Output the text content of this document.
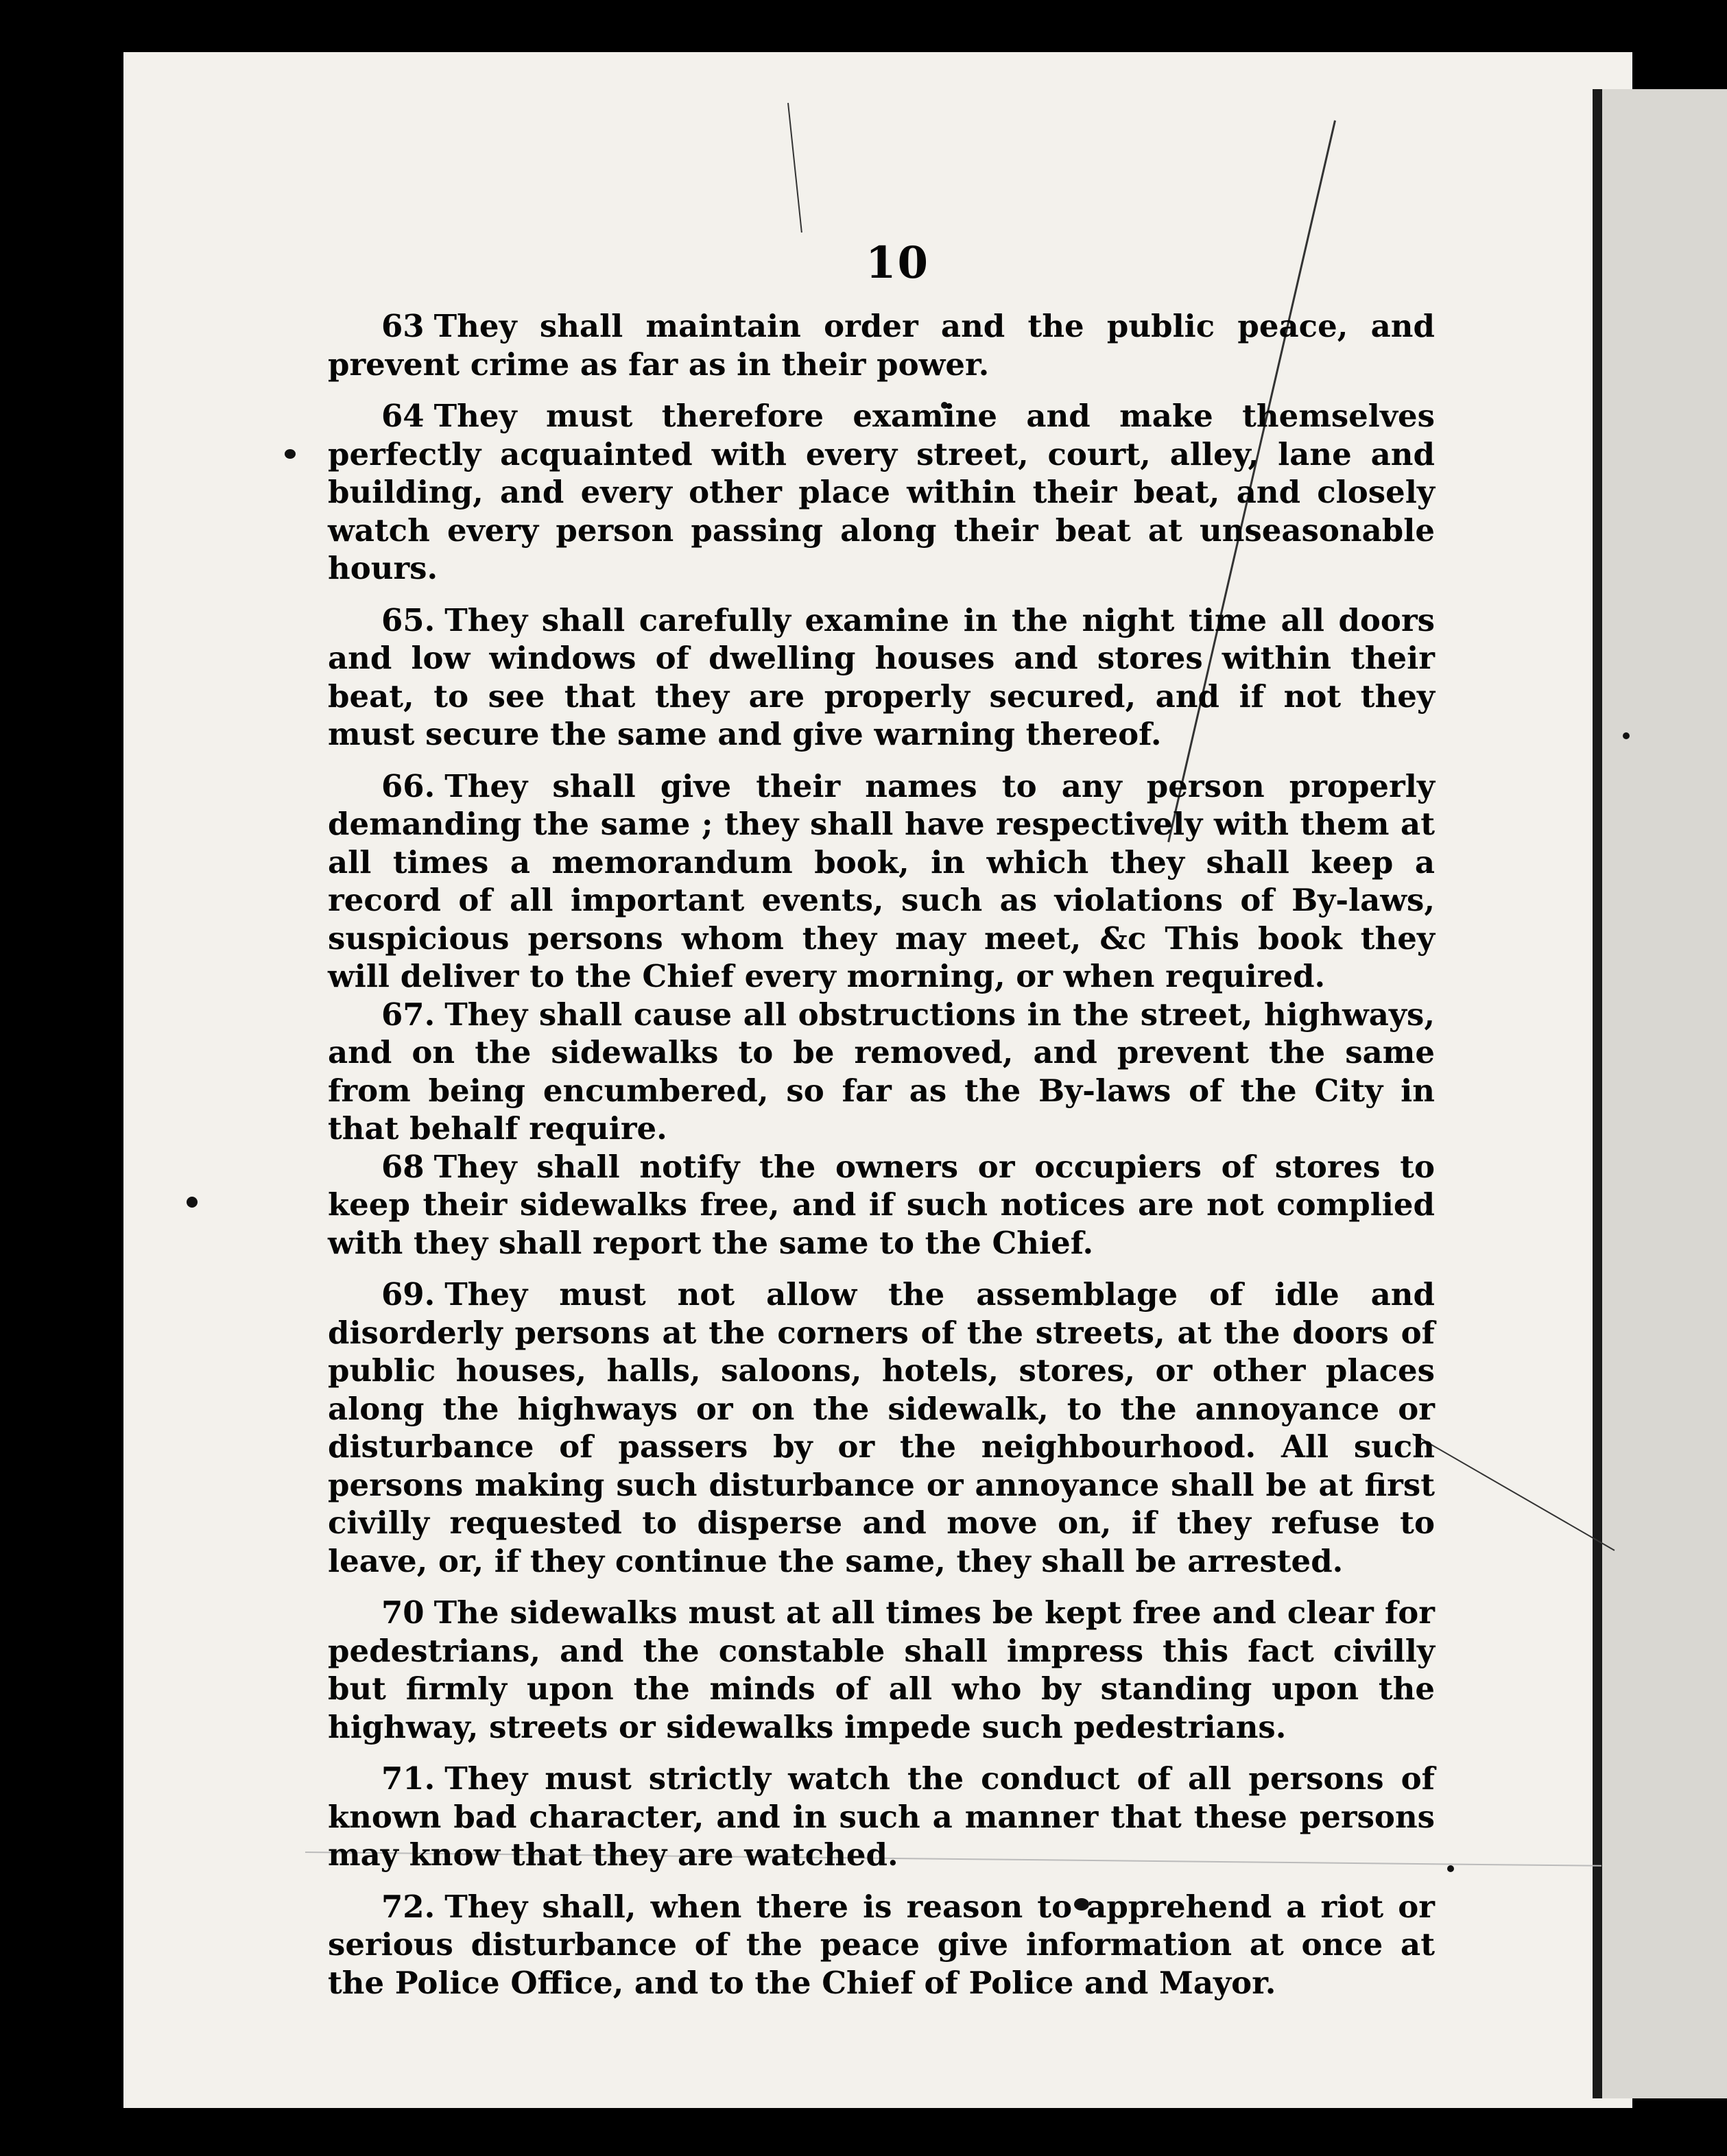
10

63 They shall maintain order and the public peace, and prevent crime as far as in their power.

64 They must therefore examine and make themselves perfectly acquainted with every street, court, alley, lane and building, and every other place within their beat, and closely watch every person passing along their beat at unseasonable hours.

65. They shall carefully examine in the night time all doors and low windows of dwelling houses and stores within their beat, to see that they are properly secured, and if not they must secure the same and give warning thereof.

66. They shall give their names to any person properly demanding the same ; they shall have respectively with them at all times a memorandum book, in which they shall keep a record of all important events, such as violations of By-laws, suspicious persons whom they may meet, &c This book they will deliver to the Chief every morning, or when required.

67. They shall cause all obstructions in the street, highways, and on the sidewalks to be removed, and prevent the same from being encumbered, so far as the By-laws of the City in that behalf require.

68 They shall notify the owners or occupiers of stores to keep their sidewalks free, and if such notices are not complied with they shall report the same to the Chief.

69. They must not allow the assemblage of idle and disorderly persons at the corners of the streets, at the doors of public houses, halls, saloons, hotels, stores, or other places along the highways or on the sidewalk, to the annoyance or disturbance of passers by or the neighbourhood. All such persons making such disturbance or annoyance shall be at first civilly requested to disperse and move on, if they refuse to leave, or, if they continue the same, they shall be arrested.

70 The sidewalks must at all times be kept free and clear for pedestrians, and the constable shall impress this fact civilly but firmly upon the minds of all who by standing upon the highway, streets or sidewalks impede such pedestrians.

71. They must strictly watch the conduct of all persons of known bad character, and in such a manner that these persons may know that they are watched.

72. They shall, when there is reason to apprehend a riot or serious disturbance of the peace give information at once at the Police Office, and to the Chief of Police and Mayor.
